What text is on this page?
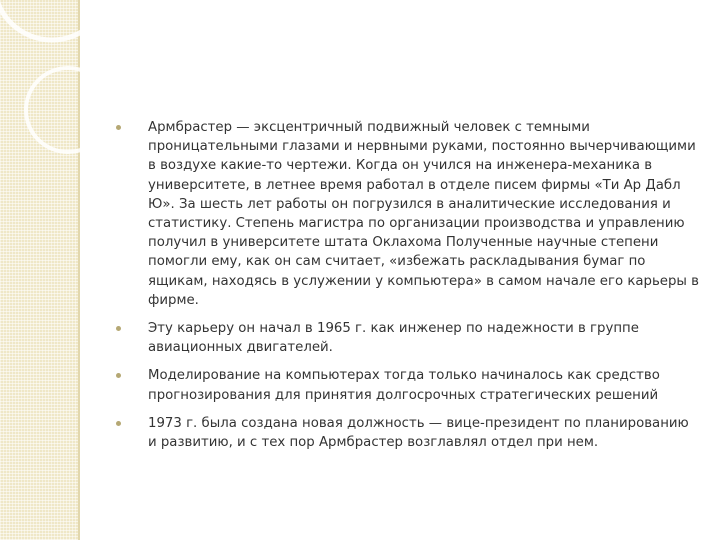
Армбрастер — эксцентричный подвижный человек с темными проницательными глазами и нервными руками, постоянно вычерчивающими в воздухе какие-то чертежи. Когда он учился на инженера-механика в университете, в летнее время работал в отделе писем фирмы «Ти Ар Дабл Ю». За шесть лет работы он погрузился в аналитические исследования и статистику. Степень магистра по организации производства и управлению получил в университете штата Оклахома Полученные научные степени помогли ему, как он сам считает, «избежать раскладывания бумаг по ящикам, находясь в услужении у компьютера» в самом начале его карьеры в фирме.
Эту карьеру он начал в 1965 г. как инженер по надежности в группе авиационных двигателей.
Моделирование на компьютерах тогда только начиналось как средство прогнозирования для принятия долгосрочных стратегических решений
1973 г. была создана новая должность — вице-президент по планированию и развитию, и с тех пор Армбрастер возглавлял отдел при нем.
